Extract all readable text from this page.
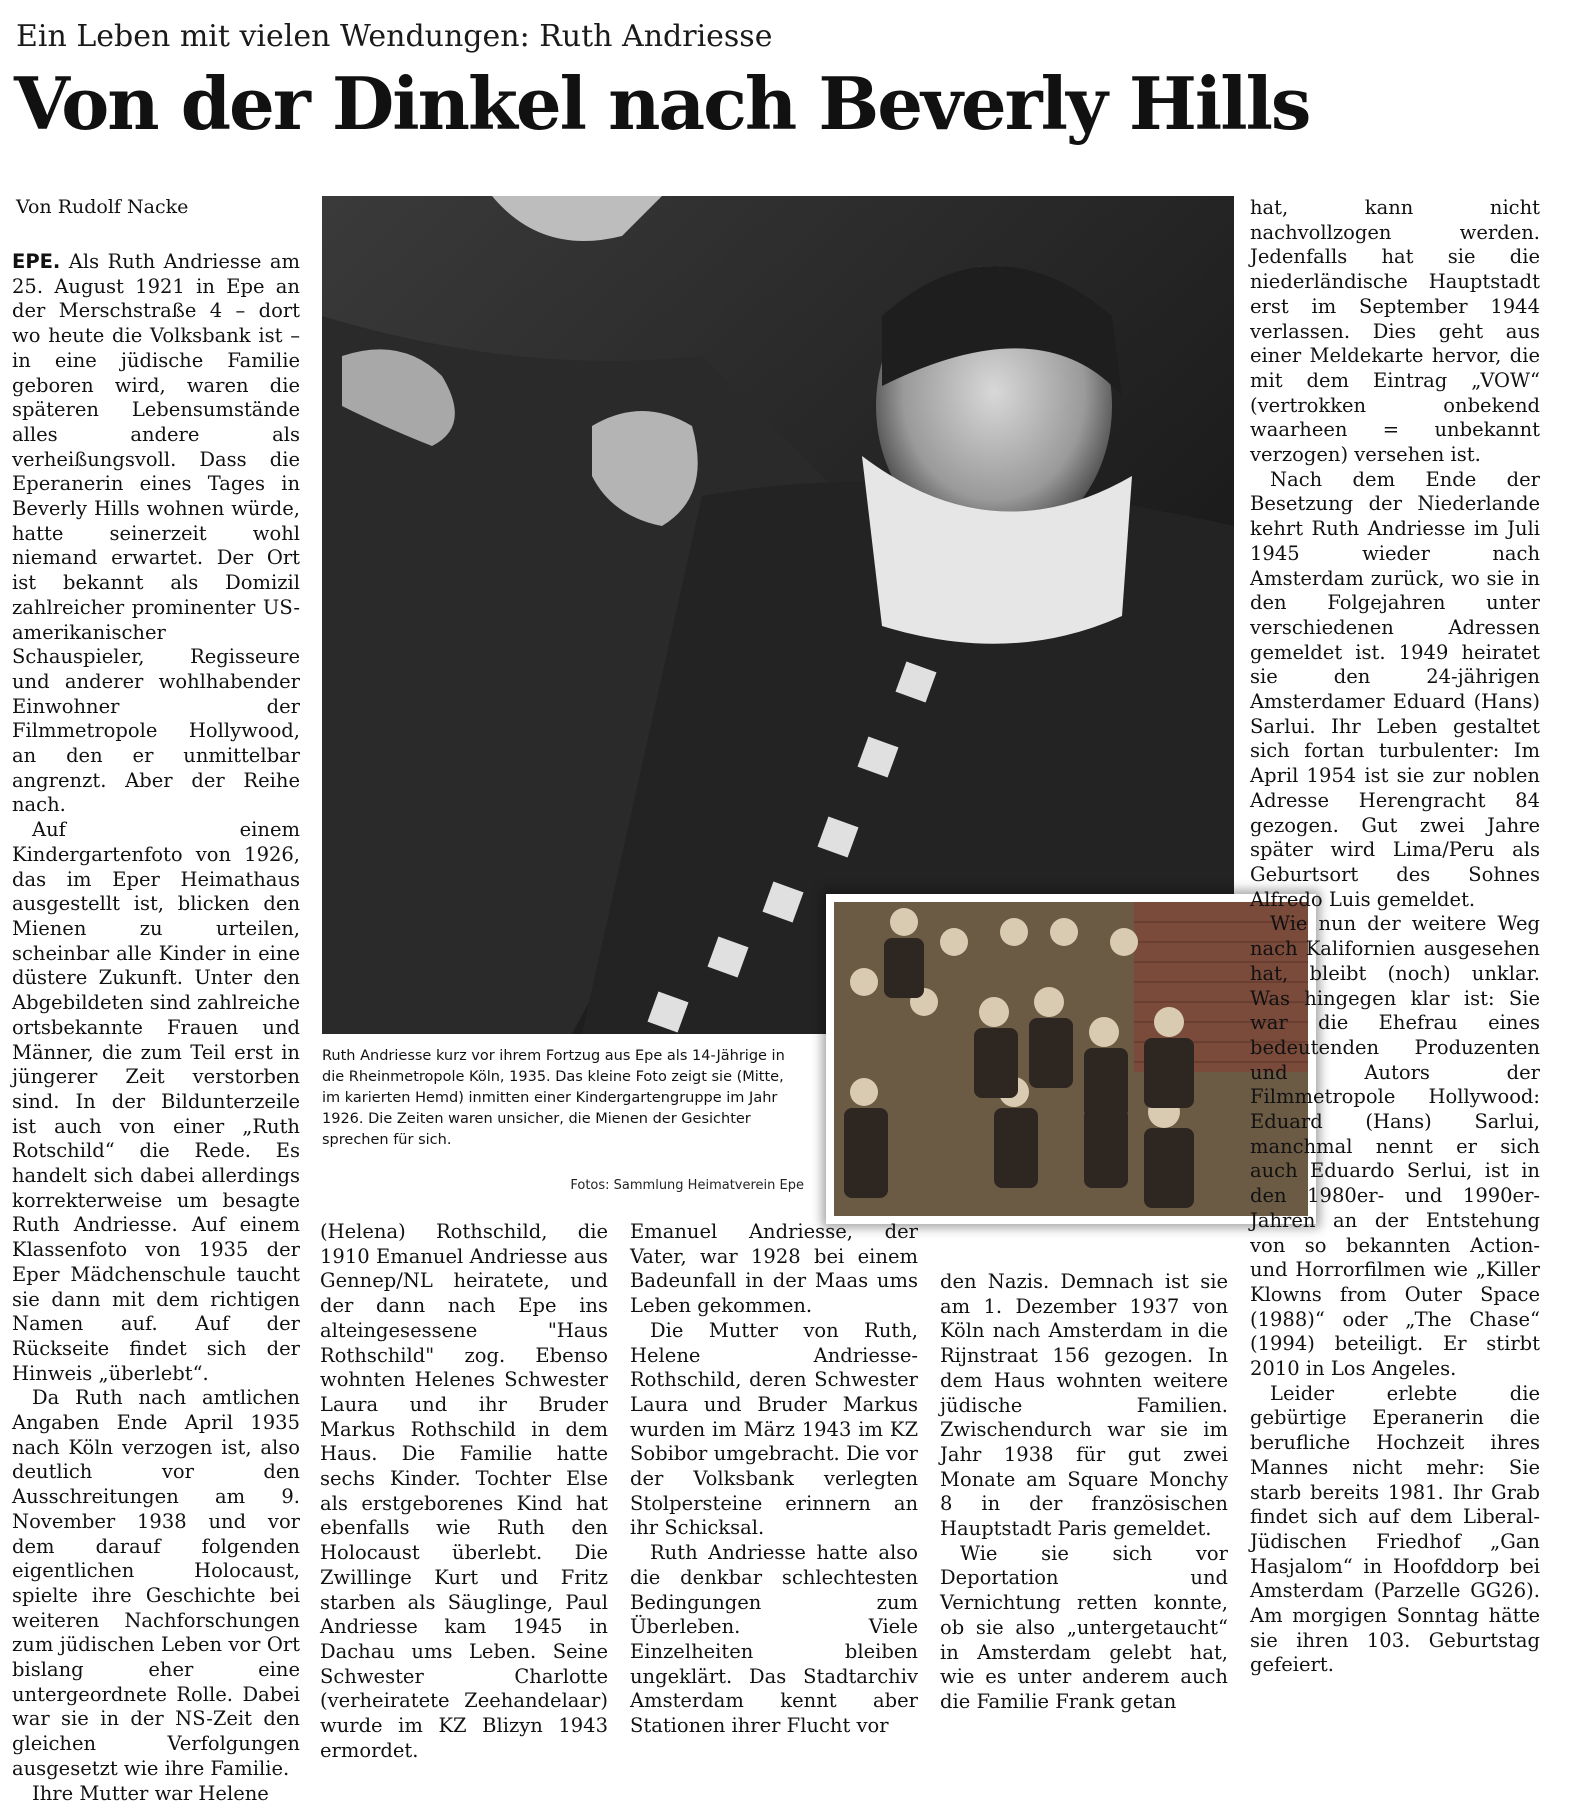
Ein Leben mit vielen Wendungen: Ruth Andriesse
Von der Dinkel nach Beverly Hills
Von Rudolf Nacke

EPE. Als Ruth Andriesse am 25. August 1921 in Epe an der Merschstraße 4 – dort wo heute die Volksbank ist – in eine jüdische Familie geboren wird, waren die späteren Lebensumstände alles andere als verheißungsvoll. Dass die Eperanerin eines Tages in Beverly Hills wohnen würde, hatte seinerzeit wohl niemand erwartet. Der Ort ist bekannt als Domizil zahlreicher prominenter US-amerikanischer Schauspieler, Regisseure und anderer wohlhabender Einwohner der Filmmetropole Hollywood, an den er unmittelbar angrenzt. Aber der Reihe nach.

Auf einem Kindergartenfoto von 1926, das im Eper Heimathaus ausgestellt ist, blicken den Mienen zu urteilen, scheinbar alle Kinder in eine düstere Zukunft. Unter den Abgebildeten sind zahlreiche ortsbekannte Frauen und Männer, die zum Teil erst in jüngerer Zeit verstorben sind. In der Bildunterzeile ist auch von einer „Ruth Rotschild“ die Rede. Es handelt sich dabei allerdings korrekterweise um besagte Ruth Andriesse. Auf einem Klassenfoto von 1935 der Eper Mädchenschule taucht sie dann mit dem richtigen Namen auf. Auf der Rückseite findet sich der Hinweis „überlebt“.

Da Ruth nach amtlichen Angaben Ende April 1935 nach Köln verzogen ist, also deutlich vor den Ausschreitungen am 9. November 1938 und vor dem darauf folgenden eigentlichen Holocaust, spielte ihre Geschichte bei weiteren Nachforschungen zum jüdischen Leben vor Ort bislang eher eine untergeordnete Rolle. Dabei war sie in der NS-Zeit den gleichen Verfolgungen ausgesetzt wie ihre Familie.

Ihre Mutter war Helene

Ruth Andriesse kurz vor ihrem Fortzug aus Epe als 14-Jährige in die Rheinmetropole Köln, 1935. Das kleine Foto zeigt sie (Mitte, im karierten Hemd) inmitten einer Kindergartengruppe im Jahr 1926. Die Zeiten waren unsicher, die Mienen der Gesichter sprechen für sich.
Fotos: Sammlung Heimatverein Epe

(Helena) Rothschild, die 1910 Emanuel Andriesse aus Gennep/NL heiratete, und der dann nach Epe ins alteingesessene "Haus Rothschild" zog. Ebenso wohnten Helenes Schwester Laura und ihr Bruder Markus Rothschild in dem Haus. Die Familie hatte sechs Kinder. Tochter Else als erstgeborenes Kind hat ebenfalls wie Ruth den Holocaust überlebt. Die Zwillinge Kurt und Fritz starben als Säuglinge, Paul Andriesse kam 1945 in Dachau ums Leben. Seine Schwester Charlotte (verheiratete Zeehandelaar) wurde im KZ Blizyn 1943 ermordet.

Emanuel Andriesse, der Vater, war 1928 bei einem Badeunfall in der Maas ums Leben gekommen.

Die Mutter von Ruth, Helene Andriesse-Rothschild, deren Schwester Laura und Bruder Markus wurden im März 1943 im KZ Sobibor umgebracht. Die vor der Volksbank verlegten Stolpersteine erinnern an ihr Schicksal.

Ruth Andriesse hatte also die denkbar schlechtesten Bedingungen zum Überleben. Viele Einzelheiten bleiben ungeklärt. Das Stadtarchiv Amsterdam kennt aber Stationen ihrer Flucht vor

den Nazis. Demnach ist sie am 1. Dezember 1937 von Köln nach Amsterdam in die Rijnstraat 156 gezogen. In dem Haus wohnten weitere jüdische Familien. Zwischendurch war sie im Jahr 1938 für gut zwei Monate am Square Monchy 8 in der französischen Hauptstadt Paris gemeldet.

Wie sie sich vor Deportation und Vernichtung retten konnte, ob sie also „untergetaucht“ in Amsterdam gelebt hat, wie es unter anderem auch die Familie Frank getan

hat, kann nicht nachvollzogen werden. Jedenfalls hat sie die niederländische Hauptstadt erst im September 1944 verlassen. Dies geht aus einer Meldekarte hervor, die mit dem Eintrag „VOW“ (vertrokken onbekend waarheen = unbekannt verzogen) versehen ist.

Nach dem Ende der Besetzung der Niederlande kehrt Ruth Andriesse im Juli 1945 wieder nach Amsterdam zurück, wo sie in den Folgejahren unter verschiedenen Adressen gemeldet ist. 1949 heiratet sie den 24-jährigen Amsterdamer Eduard (Hans) Sarlui. Ihr Leben gestaltet sich fortan turbulenter: Im April 1954 ist sie zur noblen Adresse Herengracht 84 gezogen. Gut zwei Jahre später wird Lima/Peru als Geburtsort des Sohnes Alfredo Luis gemeldet.

Wie nun der weitere Weg nach Kalifornien ausgesehen hat, bleibt (noch) unklar. Was hingegen klar ist: Sie war die Ehefrau eines bedeutenden Produzenten und Autors der Filmmetropole Hollywood: Eduard (Hans) Sarlui, manchmal nennt er sich auch Eduardo Serlui, ist in den 1980er- und 1990er-Jahren an der Entstehung von so bekannten Action- und Horrorfilmen wie „Killer Klowns from Outer Space (1988)“ oder „The Chase“ (1994) beteiligt. Er stirbt 2010 in Los Angeles.

Leider erlebte die gebürtige Eperanerin die berufliche Hochzeit ihres Mannes nicht mehr: Sie starb bereits 1981. Ihr Grab findet sich auf dem Liberal-Jüdischen Friedhof „Gan Hasjalom“ in Hoofddorp bei Amsterdam (Parzelle GG26). Am morgigen Sonntag hätte sie ihren 103. Geburtstag gefeiert.
